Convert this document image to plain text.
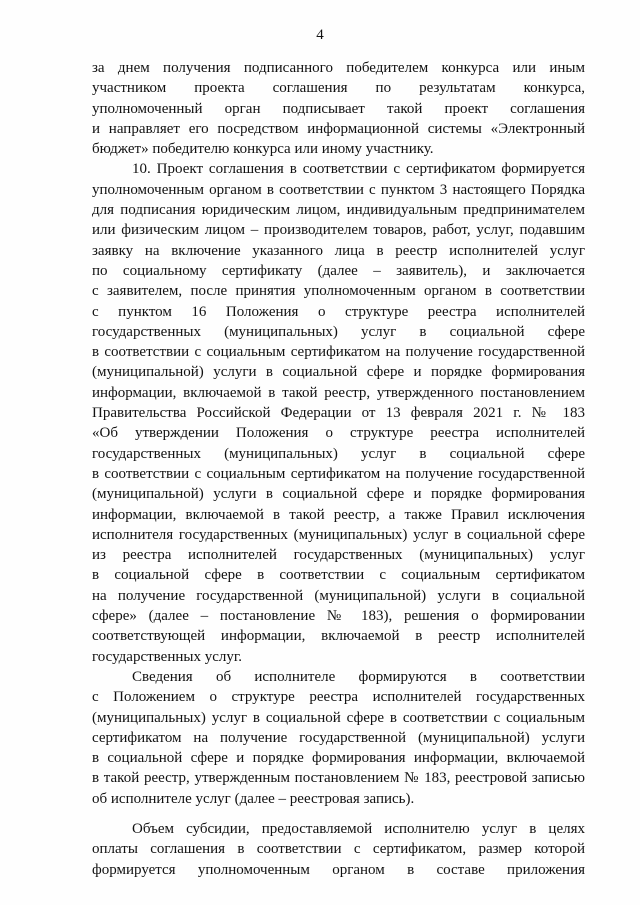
4
за днем получения подписанного победителем конкурса или иным
участником проекта соглашения по результатам конкурса,
уполномоченный орган подписывает такой проект соглашения
и направляет его посредством информационной системы «Электронный
бюджет» победителю конкурса или иному участнику.
10. Проект соглашения в соответствии с сертификатом формируется
уполномоченным органом в соответствии с пунктом 3 настоящего Порядка
для подписания юридическим лицом, индивидуальным предпринимателем
или физическим лицом – производителем товаров, работ, услуг, подавшим
заявку на включение указанного лица в реестр исполнителей услуг
по социальному сертификату (далее – заявитель), и заключается
с заявителем, после принятия уполномоченным органом в соответствии
с пунктом 16 Положения о структуре реестра исполнителей
государственных (муниципальных) услуг в социальной сфере
в соответствии с социальным сертификатом на получение государственной
(муниципальной) услуги в социальной сфере и порядке формирования
информации, включаемой в такой реестр, утвержденного постановлением
Правительства Российской Федерации от 13 февраля 2021 г. № 183
«Об утверждении Положения о структуре реестра исполнителей
государственных (муниципальных) услуг в социальной сфере
в соответствии с социальным сертификатом на получение государственной
(муниципальной) услуги в социальной сфере и порядке формирования
информации, включаемой в такой реестр, а также Правил исключения
исполнителя государственных (муниципальных) услуг в социальной сфере
из реестра исполнителей государственных (муниципальных) услуг
в социальной сфере в соответствии с социальным сертификатом
на получение государственной (муниципальной) услуги в социальной
сфере» (далее – постановление № 183), решения о формировании
соответствующей информации, включаемой в реестр исполнителей
государственных услуг.
Сведения об исполнителе формируются в соответствии
с Положением о структуре реестра исполнителей государственных
(муниципальных) услуг в социальной сфере в соответствии с социальным
сертификатом на получение государственной (муниципальной) услуги
в социальной сфере и порядке формирования информации, включаемой
в такой реестр, утвержденным постановлением № 183, реестровой записью
об исполнителе услуг (далее – реестровая запись).
Объем субсидии, предоставляемой исполнителю услуг в целях
оплаты соглашения в соответствии с сертификатом, размер которой
формируется уполномоченным органом в составе приложения
